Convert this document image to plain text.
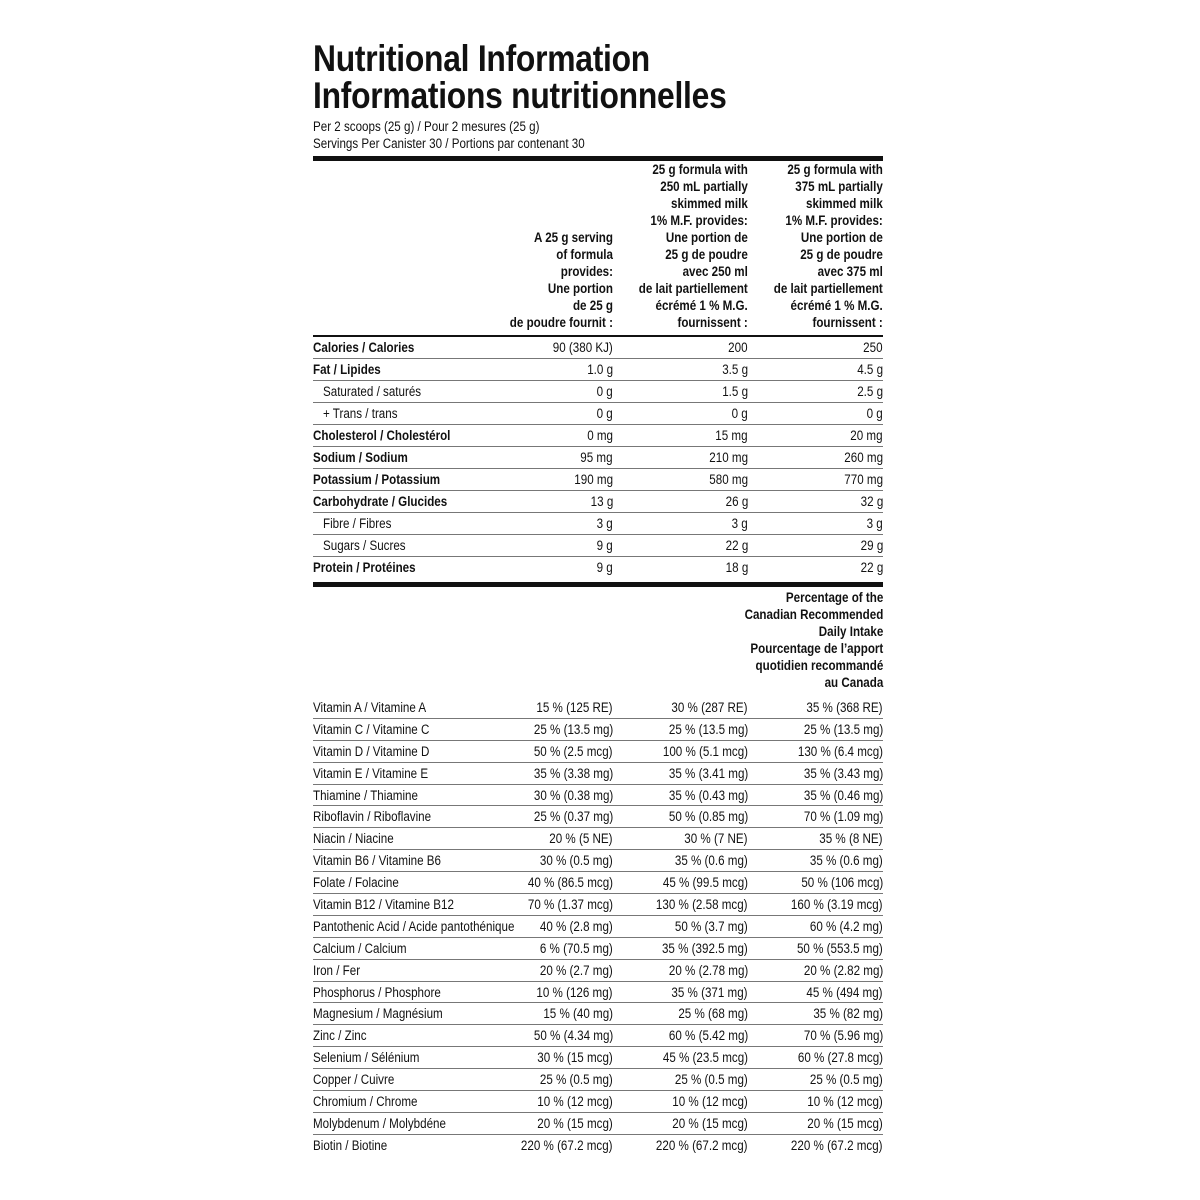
Nutritional Information
Informations nutritionnelles
Per 2 scoops (25 g) / Pour 2 mesures (25 g)
Servings Per Canister 30 / Portions par contenant 30
A 25 g serving
of formula
provides:
Une portion
de 25 g
de poudre fournit :
25 g formula with
250 mL partially
skimmed milk
1% M.F. provides:
Une portion de
25 g de poudre
avec 250 ml
de lait partiellement
écrémé 1 % M.G.
fournissent :
25 g formula with
375 mL partially
skimmed milk
1% M.F. provides:
Une portion de
25 g de poudre
avec 375 ml
de lait partiellement
écrémé 1 % M.G.
fournissent :
Calories / Calories	90 (380 KJ)	200	250
Fat / Lipides	1.0 g	3.5 g	4.5 g
Saturated / saturés	0 g	1.5 g	2.5 g
+ Trans / trans	0 g	0 g	0 g
Cholesterol / Cholestérol	0 mg	15 mg	20 mg
Sodium / Sodium	95 mg	210 mg	260 mg
Potassium / Potassium	190 mg	580 mg	770 mg
Carbohydrate / Glucides	13 g	26 g	32 g
Fibre / Fibres	3 g	3 g	3 g
Sugars / Sucres	9 g	22 g	29 g
Protein / Protéines	9 g	18 g	22 g
Percentage of the
Canadian Recommended
Daily Intake
Pourcentage de l’apport
quotidien recommandé
au Canada
Vitamin A / Vitamine A	15 % (125 RE)	30 % (287 RE)	35 % (368 RE)
Vitamin C / Vitamine C	25 % (13.5 mg)	25 % (13.5 mg)	25 % (13.5 mg)
Vitamin D / Vitamine D	50 % (2.5 mcg)	100 % (5.1 mcg)	130 % (6.4 mcg)
Vitamin E / Vitamine E	35 % (3.38 mg)	35 % (3.41 mg)	35 % (3.43 mg)
Thiamine / Thiamine	30 % (0.38 mg)	35 % (0.43 mg)	35 % (0.46 mg)
Riboflavin / Riboflavine	25 % (0.37 mg)	50 % (0.85 mg)	70 % (1.09 mg)
Niacin / Niacine	20 % (5 NE)	30 % (7 NE)	35 % (8 NE)
Vitamin B6 / Vitamine B6	30 % (0.5 mg)	35 % (0.6 mg)	35 % (0.6 mg)
Folate / Folacine	40 % (86.5 mcg)	45 % (99.5 mcg)	50 % (106 mcg)
Vitamin B12 / Vitamine B12	70 % (1.37 mcg)	130 % (2.58 mcg)	160 % (3.19 mcg)
Pantothenic Acid / Acide pantothénique	40 % (2.8 mg)	50 % (3.7 mg)	60 % (4.2 mg)
Calcium / Calcium	6 % (70.5 mg)	35 % (392.5 mg)	50 % (553.5 mg)
Iron / Fer	20 % (2.7 mg)	20 % (2.78 mg)	20 % (2.82 mg)
Phosphorus / Phosphore	10 % (126 mg)	35 % (371 mg)	45 % (494 mg)
Magnesium / Magnésium	15 % (40 mg)	25 % (68 mg)	35 % (82 mg)
Zinc / Zinc	50 % (4.34 mg)	60 % (5.42 mg)	70 % (5.96 mg)
Selenium / Sélénium	30 % (15 mcg)	45 % (23.5 mcg)	60 % (27.8 mcg)
Copper / Cuivre	25 % (0.5 mg)	25 % (0.5 mg)	25 % (0.5 mg)
Chromium / Chrome	10 % (12 mcg)	10 % (12 mcg)	10 % (12 mcg)
Molybdenum / Molybdéne	20 % (15 mcg)	20 % (15 mcg)	20 % (15 mcg)
Biotin / Biotine	220 % (67.2 mcg)	220 % (67.2 mcg)	220 % (67.2 mcg)
